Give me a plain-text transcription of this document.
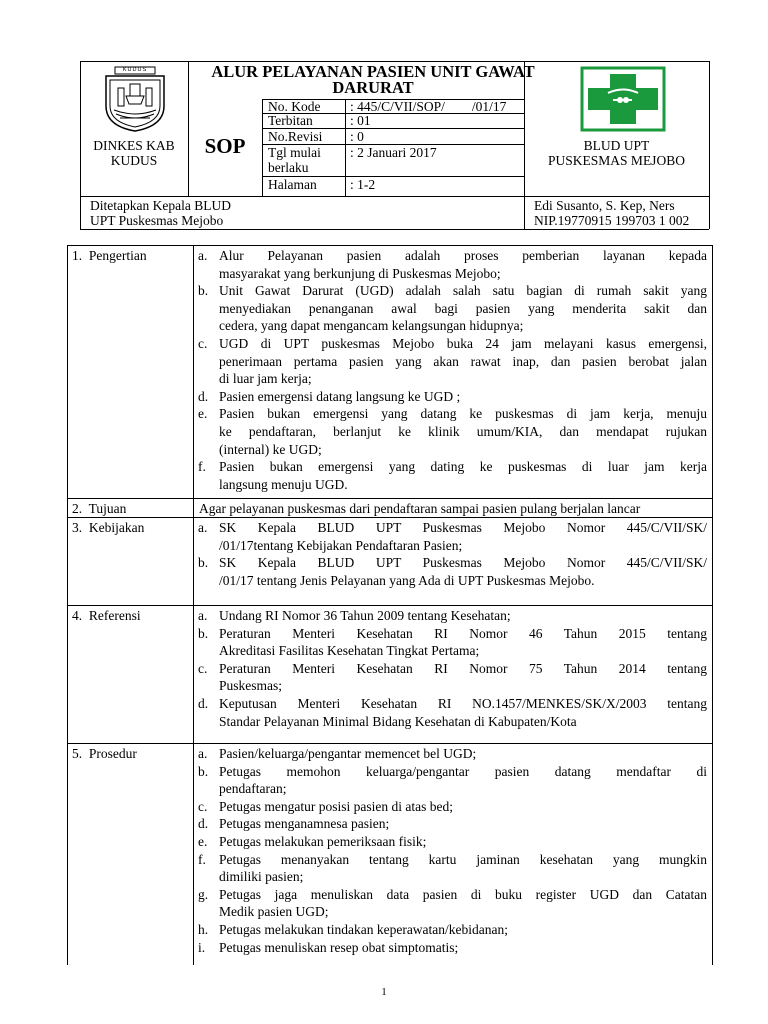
KUDUS
DINKES KAB
KUDUS
ALUR PELAYANAN PASIEN UNIT GAWAT DARURAT
SOP
No. Kode : 445/C/VII/SOP/        /01/17
Terbitan	: 01
No.Revisi : 0
Tgl mulai
berlaku
: 2 Januari 2017
Halaman : 1-2
BLUD UPT
PUSKESMAS MEJOBO
Ditetapkan Kepala BLUD
UPT Puskesmas Mejobo
Edi Susanto, S. Kep, Ners
NIP.19770915 199703 1 002
1.  Pengertian
2.  Tujuan
3.  Kebijakan
4.  Referensi
5.  Prosedur
Agar pelayanan puskesmas dari pendaftaran sampai pasien pulang berjalan lancar
a. Alur Pelayanan pasien adalah proses pemberian layanan kepada
masyarakat yang berkunjung di Puskesmas Mejobo;
b. Unit Gawat Darurat (UGD) adalah salah satu bagian di rumah sakit yang
menyediakan penanganan awal bagi pasien yang menderita sakit dan
cedera, yang dapat mengancam kelangsungan hidupnya;
c. UGD di UPT puskesmas Mejobo buka 24 jam melayani kasus emergensi,
penerimaan pertama pasien yang akan rawat inap, dan pasien berobat jalan
di luar jam kerja;
d. Pasien emergensi datang langsung ke UGD ;
e. Pasien bukan emergensi yang datang ke puskesmas di jam kerja, menuju
ke pendaftaran, berlanjut ke klinik umum/KIA, dan mendapat rujukan
(internal) ke UGD;
f. Pasien bukan emergensi yang dating ke puskesmas di luar jam kerja
langsung menuju UGD.
a. SK Kepala BLUD UPT Puskesmas Mejobo Nomor 445/C/VII/SK/
/01/17tentang Kebijakan Pendaftaran Pasien;
b. SK Kepala BLUD UPT Puskesmas Mejobo Nomor 445/C/VII/SK/
/01/17 tentang Jenis Pelayanan yang Ada di UPT Puskesmas Mejobo.
a. Undang RI Nomor 36 Tahun 2009 tentang Kesehatan;
b. Peraturan Menteri Kesehatan RI Nomor 46 Tahun 2015 tentang
Akreditasi Fasilitas Kesehatan Tingkat Pertama;
c. Peraturan Menteri Kesehatan RI Nomor 75 Tahun 2014 tentang
Puskesmas;
d. Keputusan Menteri Kesehatan RI NO.1457/MENKES/SK/X/2003 tentang
Standar Pelayanan Minimal Bidang Kesehatan di Kabupaten/Kota
a. Pasien/keluarga/pengantar memencet bel UGD;
b. Petugas memohon keluarga/pengantar pasien datang mendaftar di
pendaftaran;
c. Petugas mengatur posisi pasien di atas bed;
d. Petugas menganamnesa pasien;
e. Petugas melakukan pemeriksaan fisik;
f. Petugas menanyakan tentang kartu jaminan kesehatan yang mungkin
dimiliki pasien;
g. Petugas jaga menuliskan data pasien di buku register UGD dan Catatan
Medik pasien UGD;
h. Petugas melakukan tindakan keperawatan/kebidanan;
i. Petugas menuliskan resep obat simptomatis;
1
